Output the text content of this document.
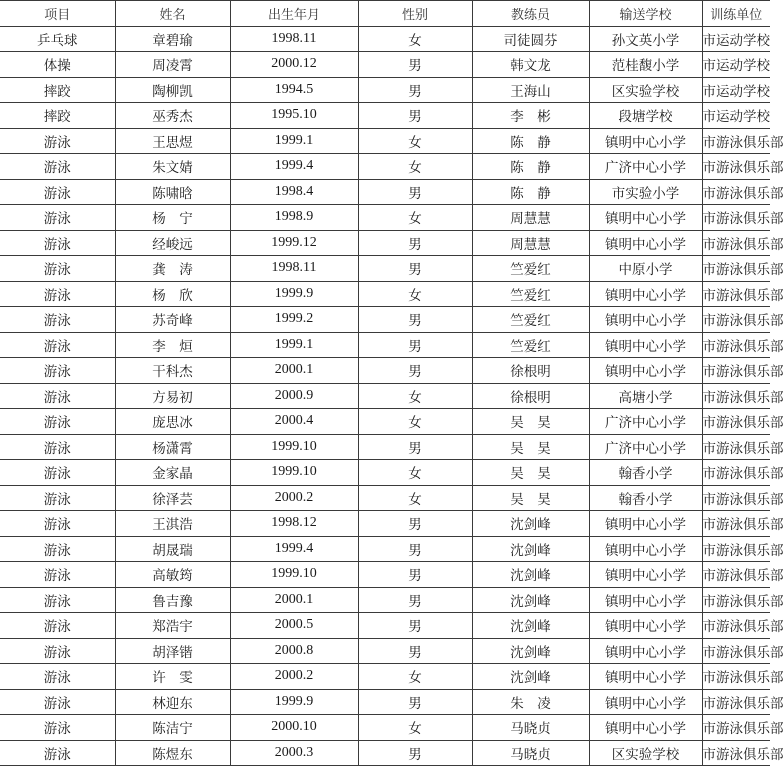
项目	姓名	出生年月	性别	教练员	输送学校	训练单位
乒乓球	章碧瑜	1998.11	女	司徒圆芬	孙文英小学	市运动学校
体操	周凌霄	2000.12	男	韩文龙	范桂馥小学	市运动学校
摔跤	陶柳凯	1994.5	男	王海山	区实验学校	市运动学校
摔跤	巫秀杰	1995.10	男	李　彬	段塘学校	市运动学校
游泳	王思煜	1999.1	女	陈　静	镇明中心小学	市游泳俱乐部
游泳	朱文婧	1999.4	女	陈　静	广济中心小学	市游泳俱乐部
游泳	陈啸晗	1998.4	男	陈　静	市实验小学	市游泳俱乐部
游泳	杨　宁	1998.9	女	周慧慧	镇明中心小学	市游泳俱乐部
游泳	经峻远	1999.12	男	周慧慧	镇明中心小学	市游泳俱乐部
游泳	龚　涛	1998.11	男	竺爱红	中原小学	市游泳俱乐部
游泳	杨　欣	1999.9	女	竺爱红	镇明中心小学	市游泳俱乐部
游泳	苏奇峰	1999.2	男	竺爱红	镇明中心小学	市游泳俱乐部
游泳	李　烜	1999.1	男	竺爱红	镇明中心小学	市游泳俱乐部
游泳	干科杰	2000.1	男	徐根明	镇明中心小学	市游泳俱乐部
游泳	方易初	2000.9	女	徐根明	高塘小学	市游泳俱乐部
游泳	庞思冰	2000.4	女	吴　昊	广济中心小学	市游泳俱乐部
游泳	杨潇霄	1999.10	男	吴　昊	广济中心小学	市游泳俱乐部
游泳	金家晶	1999.10	女	吴　昊	翰香小学	市游泳俱乐部
游泳	徐泽芸	2000.2	女	吴　昊	翰香小学	市游泳俱乐部
游泳	王淇浩	1998.12	男	沈剑峰	镇明中心小学	市游泳俱乐部
游泳	胡晟瑞	1999.4	男	沈剑峰	镇明中心小学	市游泳俱乐部
游泳	高敏筠	1999.10	男	沈剑峰	镇明中心小学	市游泳俱乐部
游泳	鲁吉豫	2000.1	男	沈剑峰	镇明中心小学	市游泳俱乐部
游泳	郑浩宇	2000.5	男	沈剑峰	镇明中心小学	市游泳俱乐部
游泳	胡泽锴	2000.8	男	沈剑峰	镇明中心小学	市游泳俱乐部
游泳	许　雯	2000.2	女	沈剑峰	镇明中心小学	市游泳俱乐部
游泳	林迎东	1999.9	男	朱　凌	镇明中心小学	市游泳俱乐部
游泳	陈洁宁	2000.10	女	马晓贞	镇明中心小学	市游泳俱乐部
游泳	陈煜东	2000.3	男	马晓贞	区实验学校	市游泳俱乐部
